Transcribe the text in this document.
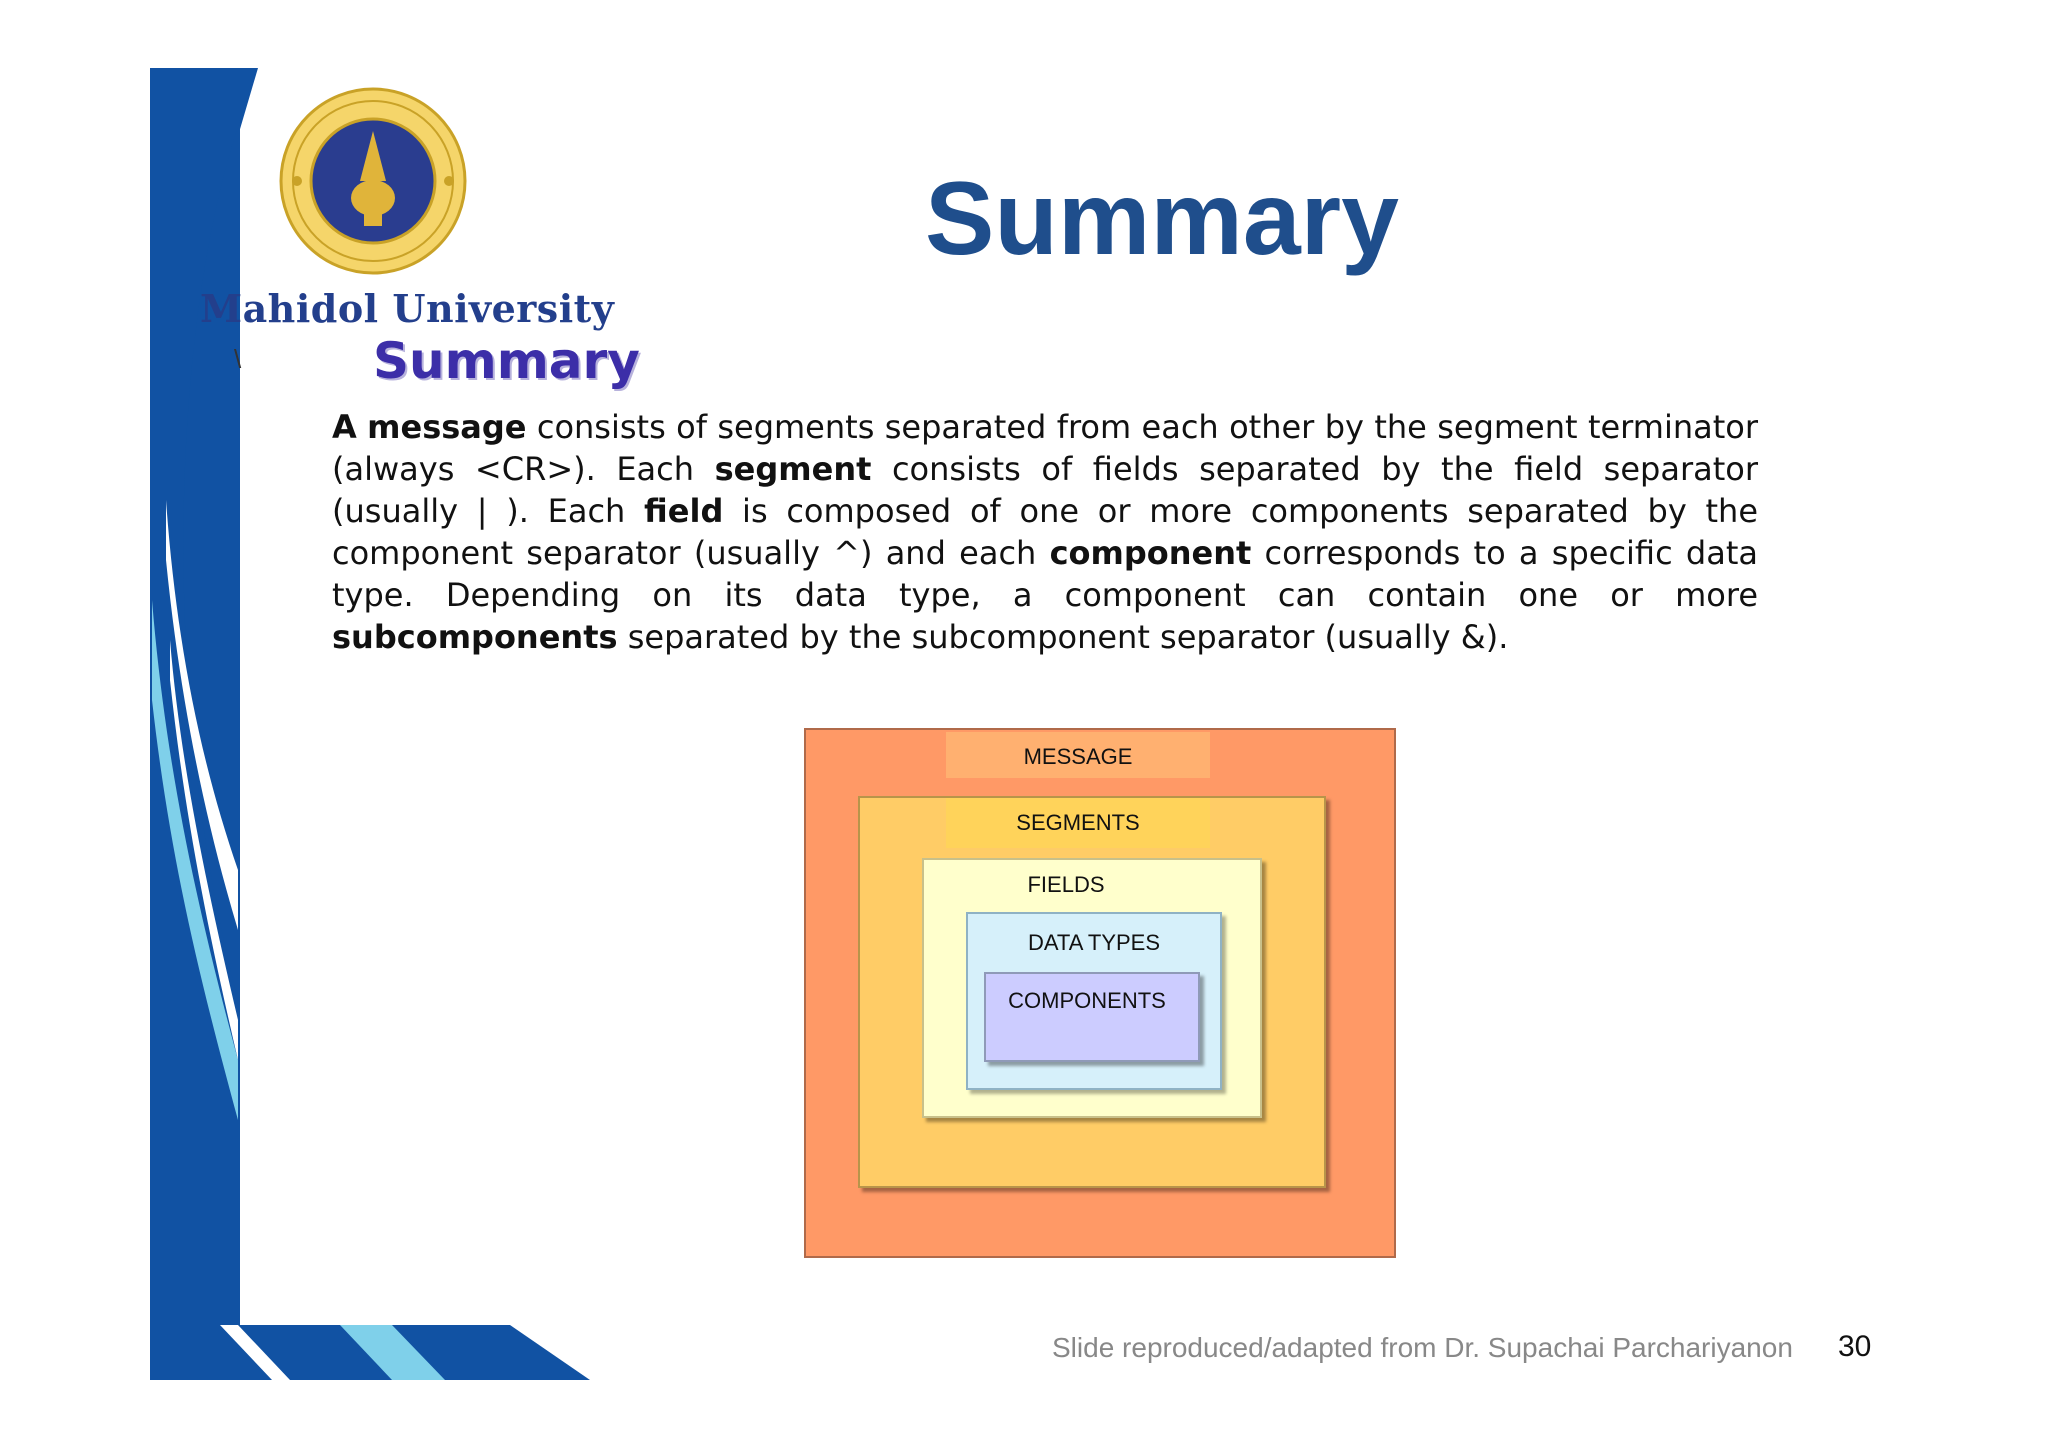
Mahidol University
\
Summary
Summary

A message consists of segments separated from each other by the segment terminator (always <CR>). Each segment consists of fields separated by the field separator (usually | ). Each field is composed of one or more components separated by the component separator (usually ^) and each component corresponds to a specific data type. Depending on its data type, a component can contain one or more subcomponents separated by the subcomponent separator (usually &).

MESSAGE
SEGMENTS
FIELDS
DATA TYPES
COMPONENTS
Slide reproduced/adapted from Dr. Supachai Parchariyanon 30
